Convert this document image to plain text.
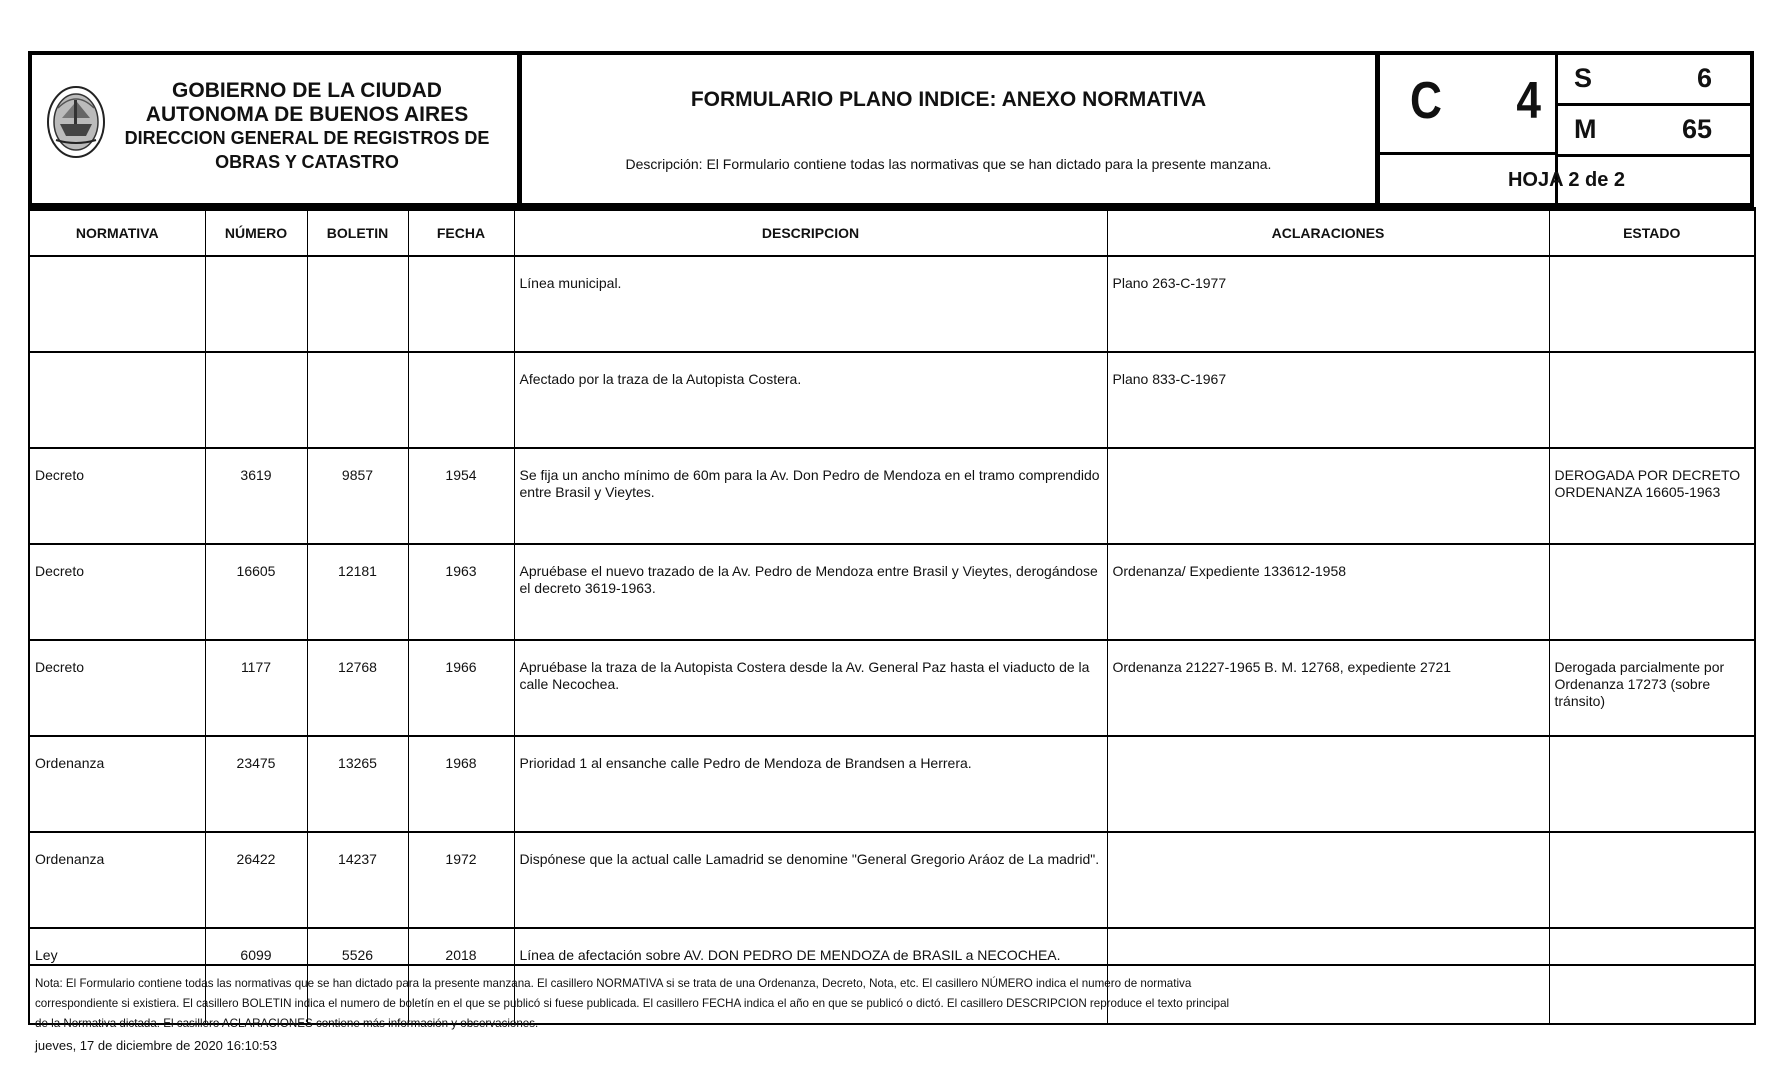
GOBIERNO DE LA CIUDAD
AUTONOMA DE BUENOS AIRES
DIRECCION GENERAL DE REGISTROS DE
OBRAS Y CATASTRO
FORMULARIO PLANO INDICE: ANEXO NORMATIVA
Descripción: El Formulario contiene todas las normativas que se han dictado para la presente manzana.
C 4 S	6
M	65
HOJA 2 de 2
NORMATIVA	NÚMERO	BOLETIN	FECHA	DESCRIPCION	ACLARACIONES	ESTADO
				Línea municipal.	Plano 263-C-1977	
				Afectado por la traza de la Autopista Costera.	Plano 833-C-1967	
Decreto	3619	9857	1954	Se fija un ancho mínimo de 60m para la Av. Don Pedro de Mendoza en el tramo comprendido entre Brasil y Vieytes.		DEROGADA POR DECRETO ORDENANZA 16605-1963
Decreto	16605	12181	1963	Apruébase el nuevo trazado de la Av. Pedro de Mendoza entre Brasil y Vieytes, derogándose el decreto 3619-1963.	Ordenanza/ Expediente 133612-1958	
Decreto	1177	12768	1966	Apruébase la traza de la Autopista Costera desde la Av. General Paz hasta el viaducto de la calle Necochea.	Ordenanza 21227-1965 B. M. 12768, expediente 2721	Derogada parcialmente por Ordenanza 17273 (sobre tránsito)
Ordenanza	23475	13265	1968	Prioridad 1 al ensanche calle Pedro de Mendoza de Brandsen a Herrera.		
Ordenanza	26422	14237	1972	Dispónese que la actual calle Lamadrid se denomine "General Gregorio Aráoz de La madrid".		
Ley	6099	5526	2018	Línea de afectación sobre AV. DON PEDRO DE MENDOZA de BRASIL a NECOCHEA.		
Nota: El Formulario contiene todas las normativas que se han dictado para la presente manzana. El casillero NORMATIVA si se trata de una Ordenanza, Decreto, Nota, etc. El casillero NÚMERO indica el numero de normativa
correspondiente si existiera. El casillero BOLETIN indica el numero de boletín en el que se publicó si fuese publicada. El casillero FECHA indica el año en que se publicó o dictó. El casillero DESCRIPCION reproduce el texto principal
de la Normativa dictada. El casillero ACLARACIONES contiene más información y observaciones.
jueves, 17 de diciembre de 2020 16:10:53
